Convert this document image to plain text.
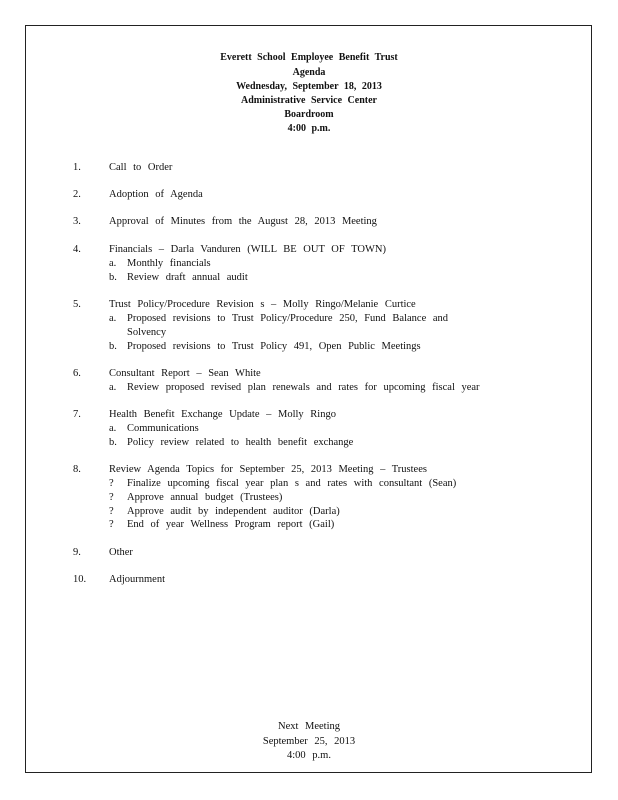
Everett School Employee Benefit Trust
Agenda
Wednesday, September 18, 2013
Administrative Service Center
Boardroom
4:00 p.m.
1.	Call to Order
2.	Adoption of Agenda
3.	Approval of Minutes from the August 28, 2013 Meeting
4.	Financials – Darla Vanduren (WILL BE OUT OF TOWN)
a. Monthly financials
b. Review draft annual audit
5.	Trust Policy/Procedure Revision s – Molly Ringo/Melanie Curtice
a. Proposed revisions to Trust Policy/Procedure 250, Fund Balance and
Solvency
b. Proposed revisions to Trust Policy 491, Open Public Meetings
6.	Consultant Report – Sean White
a. Review proposed revised plan renewals and rates for upcoming fiscal year
7.	Health Benefit Exchange Update – Molly Ringo
a. Communications
b. Policy review related to health benefit exchange
8.	Review Agenda Topics for September 25, 2013 Meeting – Trustees
? Finalize upcoming fiscal year plan s and rates with consultant (Sean)
? Approve annual budget (Trustees)
? Approve audit by independent auditor (Darla)
? End of year Wellness Program report (Gail)
9.	Other
10.	Adjournment
Next Meeting
September 25, 2013
4:00 p.m.
